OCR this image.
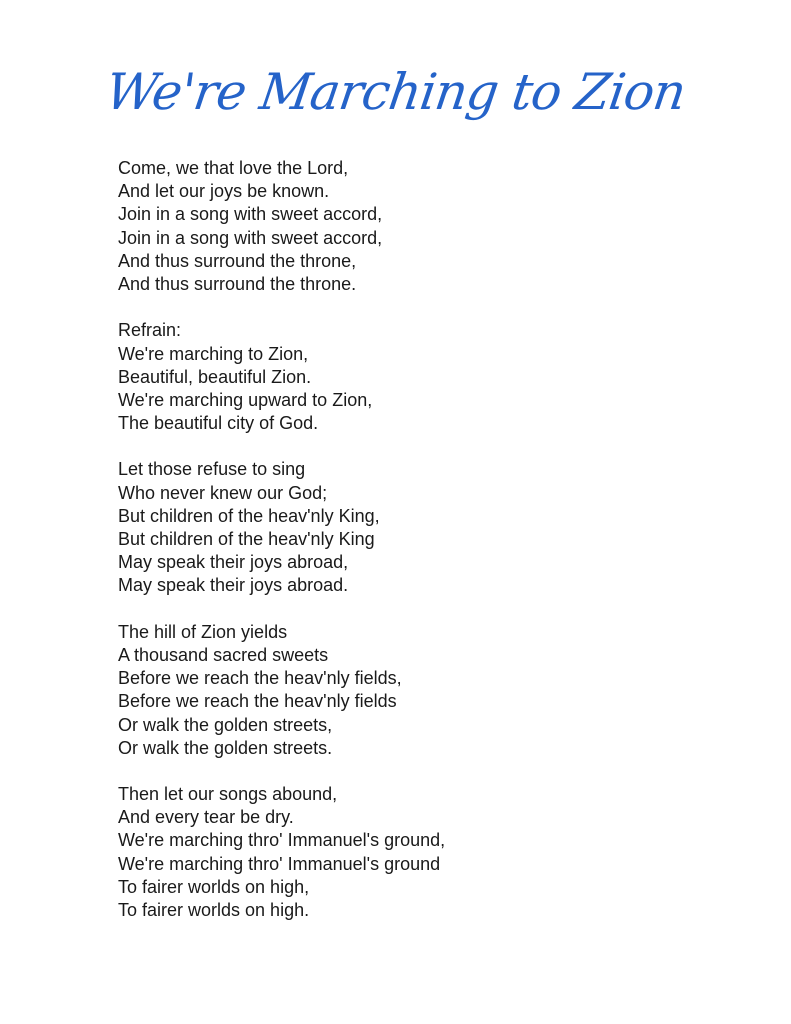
We're Marching to Zion
Come, we that love the Lord,
And let our joys be known.
Join in a song with sweet accord,
Join in a song with sweet accord,
And thus surround the throne,
And thus surround the throne.
Refrain:
We're marching to Zion,
Beautiful, beautiful Zion.
We're marching upward to Zion,
The beautiful city of God.
Let those refuse to sing
Who never knew our God;
But children of the heav'nly King,
But children of the heav'nly King
May speak their joys abroad,
May speak their joys abroad.
The hill of Zion yields
A thousand sacred sweets
Before we reach the heav'nly fields,
Before we reach the heav'nly fields
Or walk the golden streets,
Or walk the golden streets.
Then let our songs abound,
And every tear be dry.
We're marching thro' Immanuel's ground,
We're marching thro' Immanuel's ground
To fairer worlds on high,
To fairer worlds on high.
